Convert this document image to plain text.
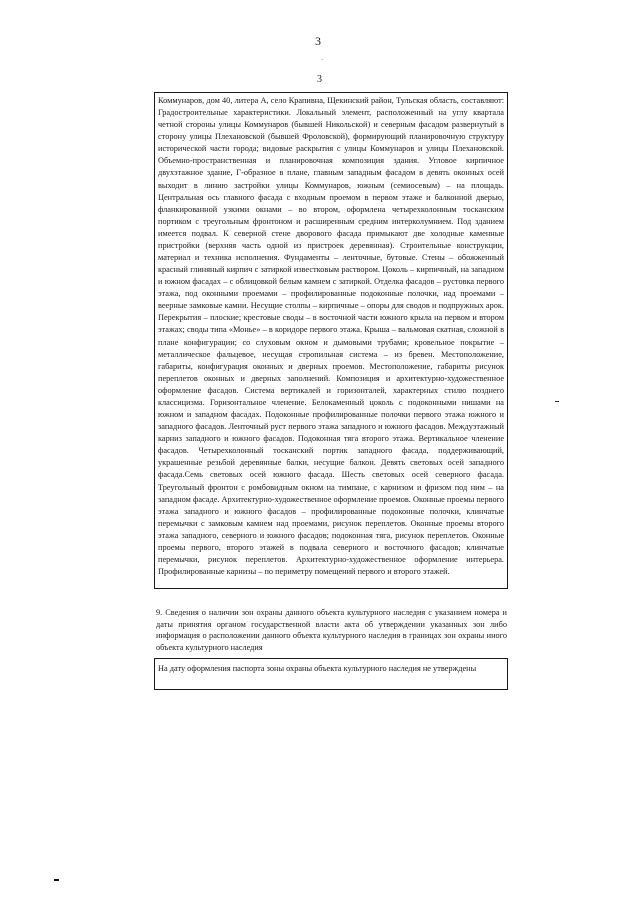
3
`
3
Коммунаров, дом 40, литера А, село Крапивна, Щекинский район, Тульская область, составляют: Градостроительные характеристики. Локальный элемент, расположенный на углу квартала четной стороны улицы Коммунаров (бывшей Никольской) и северным фасадом развернутый в сторону улицы Плехановской (бывшей Фроловской), формирующий планировочную структуру исторической части города; видовые раскрытия с улицы Коммунаров и улицы Плехановской. Объемно-пространственная и планировочная композиция здания. Угловое кирпичное двухэтажное здание, Г-образное в плане, главным западным фасадом в девять оконных осей выходит в линию застройки улицы Коммунаров, южным (семиосевым) – на площадь. Центральная ось главного фасада с входным проемом в первом этаже и балконной дверью, фланкированной узкими окнами – во втором, оформлена четырехколонным тосканским портиком с треугольным фронтоном и расширенным средним интерколумнием. Под зданием имеется подвал. К северной стене дворового фасада примыкают две холодные каменные пристройки (верхняя часть одной из пристроек деревянная). Строительные конструкции, материал и техника исполнения. Фундаменты – ленточные, бутовые. Стены – обожженный красный глиняный кирпич с затиркой известковым раствором. Цоколь – кирпичный, на западном и южном фасадах – с облицовкой белым камнем с затиркой. Отделка фасадов – рустовка первого этажа, под оконными проемами – профилированные подоконные полочки, над проемами – веерные замковые камни. Несущие столпы – кирпичные – опоры для сводов и подпружных арок. Перекрытия – плоские; крестовые своды – в восточной части южного крыла на первом и втором этажах; своды типа «Монье» – в коридоре первого этажа. Крыша – вальмовая скатная, сложной в плане конфигурации; со слуховым окном и дымовыми трубами; кровельное покрытие – металлическое фальцевое, несущая стропильная система – из бревен. Местоположение, габариты, конфигурация оконных и дверных проемов. Местоположение, габариты рисунок переплетов оконных и дверных заполнений. Композиция и архитектурно-художественное оформление фасадов. Система вертикалей и горизонталей, характерных стилю позднего классицизма. Горизонтальное членение. Белокаменный цоколь с подоконными нишами на южном и западном фасадах. Подоконные профилированные полочки первого этажа южного и западного фасадов. Ленточный руст первого этажа западного и южного фасадов. Междуэтажный карниз западного и южного фасадов. Подоконная тяга второго этажа. Вертикальное членение фасадов. Четырехколонный тосканский портик западного фасада, поддерживающий, украшенные резьбой деревянные балки, несущие балкон. Девять световых осей западного фасада.Семь световых осей южного фасада. Шесть световых осей северного фасада. Треугольный фронтон с ромбовидным окном на тимпане, с карнизом и фризом под ним – на западном фасаде. Архитектурно-художественное оформление проемов. Оконные проемы первого этажа западного и южного фасадов – профилированные подоконные полочки, клинчатые перемычки с замковым камнем над проемами, рисунок переплетов. Оконные проемы второго этажа западного, северного и южного фасадов; подоконная тяга, рисунок переплетов. Оконные проемы первого, второго этажей в подвала северного и восточного фасадов; клинчатые перемычки, рисунок переплетов. Архитектурно-художественное оформление интерьера. Профилированные карнизы – по периметру помещений первого и второго этажей.
9. Сведения о наличии зон охраны данного объекта культурного наследия с указанием номера и даты принятия органом государственной власти акта об утверждении указанных зон либо информация о расположении данного объекта культурного наследия в границах зон охраны иного объекта культурного наследия
На дату оформления паспорта зоны охраны объекта культурного наследия не утверждены
